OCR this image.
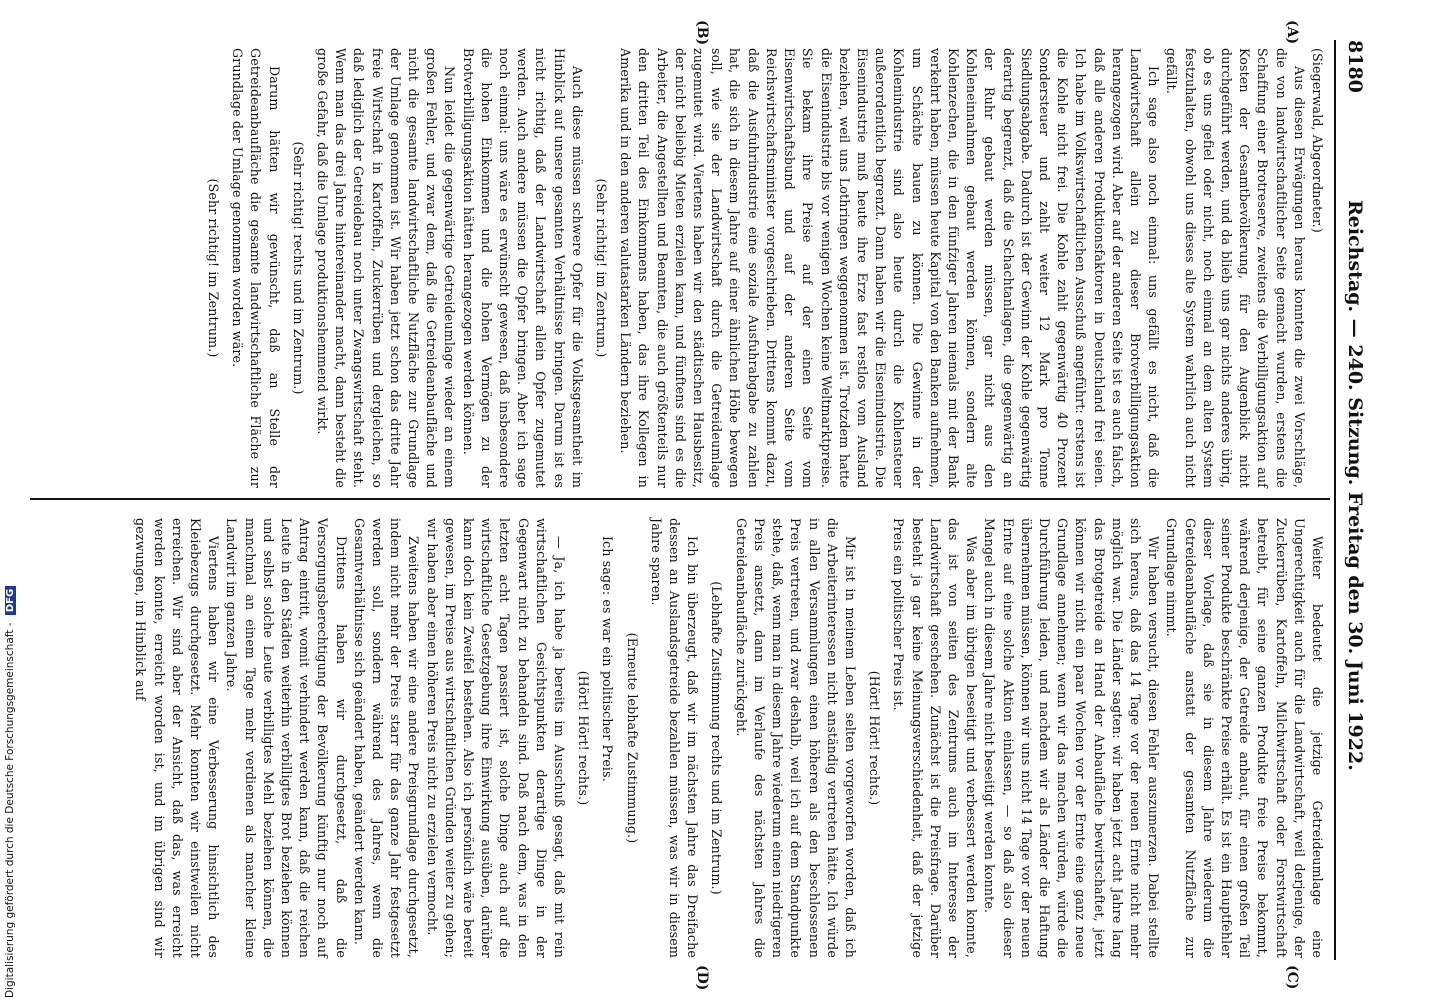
8180
Reichstag. — 240. Sitzung. Freitag den 30. Juni 1922.
(A)
(B)
(C)
(D)

(Siegerwald, Abgeordneter.)

Aus diesen Erwägungen heraus konnten die zwei Vorschläge, die von landwirtschaftlicher Seite gemacht wurden, erstens die Schaffung einer Brotreserve, zweitens die Verbilligungsaktion auf Kosten der Gesamtbevölkerung, für den Augenblick nicht durchgeführt werden, und da blieb uns gar nichts anderes übrig, ob es uns gefiel oder nicht, noch einmal an dem alten System festzuhalten, obwohl uns dieses alte System wahrlich auch nicht gefällt.

Ich sage also noch einmal: uns gefällt es nicht, daß die Landwirtschaft allein zu dieser Brotverbilligungsaktion herangezogen wird. Aber auf der anderen Seite ist es auch falsch, daß alle anderen Produktionsfaktoren in Deutschland frei seien. Ich habe im Volkswirtschaftlichen Ausschuß angeführt: erstens ist die Kohle nicht frei. Die Kohle zahlt gegenwärtig 40 Prozent Sondersteuer und zahlt weiter 12 Mark pro Tonne Siedlungsabgabe. Dadurch ist der Gewinn der Kohle gegenwärtig derartig begrenzt, daß die Schachtanlagen, die gegenwärtig an der Ruhr gebaut werden müssen, gar nicht aus den Kohleneinnahmen gebaut werden können, sondern alte Kohlenzechen, die in den fünfziger Jahren niemals mit der Bank verkehrt haben, müssen heute Kapital von den Banken aufnehmen, um Schächte bauen zu können. Die Gewinne in der Kohlenindustrie sind also heute durch die Kohlensteuer außerordentlich begrenzt. Dann haben wir die Eisenindustrie. Die Eisenindustrie muß heute ihre Erze fast restlos vom Ausland beziehen, weil uns Lothringen weggenommen ist. Trotzdem hatte die Eisenindustrie bis vor wenigen Wochen keine Weltmarktpreise. Sie bekam ihre Preise auf der einen Seite vom Eisenwirtschaftsbund und auf der anderen Seite vom Reichswirtschaftsminister vorgeschrieben. Drittens kommt dazu, daß die Ausfuhrindustrie eine soziale Ausfuhrabgabe zu zahlen hat, die sich in diesem Jahre auf einer ähnlichen Höhe bewegen soll, wie sie der Landwirtschaft durch die Getreideumlage zugemutet wird. Viertens haben wir den städtischen Hausbesitz, der nicht beliebig Mieten erzielen kann, und fünftens sind es die Arbeiter, die Angestellten und Beamten, die auch größtenteils nur den dritten Teil des Einkommens haben, das ihre Kollegen in Amerika und in den anderen valutastarken Ländern beziehen.

(Sehr richtig! im Zentrum.)

Auch diese müssen schwere Opfer für die Volksgesamtheit im Hinblick auf unsere gesamten Verhältnisse bringen. Darum ist es nicht richtig, daß der Landwirtschaft allein Opfer zugemutet werden. Auch andere müssen die Opfer bringen. Aber ich sage noch einmal: uns wäre es erwünscht gewesen, daß insbesondere die hohen Einkommen und die hohen Vermögen zu der Brotverbilligungsaktion hätten herangezogen werden können.

Nun leidet die gegenwärtige Getreideumlage wieder an einem großen Fehler, und zwar dem, daß die Getreideanbaufläche und nicht die gesamte landwirtschaftliche Nutzfläche zur Grundlage der Umlage genommen ist. Wir haben jetzt schon das dritte Jahr freie Wirtschaft in Kartoffeln, Zuckerrüben und dergleichen, so daß lediglich der Getreidebau noch unter Zwangswirtschaft steht. Wenn man das drei Jahre hintereinander macht, dann besteht die große Gefahr, daß die Umlage produktionshemmend wirkt.

(Sehr richtig! rechts und im Zentrum.)

Darum hätten wir gewünscht, daß an Stelle der Getreideanbaufläche die gesamte landwirtschaftliche Fläche zur Grundlage der Umlage genommen worden wäre.

(Sehr richtig! im Zentrum.)

Weiter bedeutet die jetzige Getreideumlage eine Ungerechtigkeit auch für die Landwirtschaft, weil derjenige, der Zuckerrüben, Kartoffeln, Milchwirtschaft oder Forstwirtschaft betreibt, für seine ganzen Produkte freie Preise bekommt, während derjenige, der Getreide anbaut, für einen großen Teil seiner Produkte beschränkte Preise erhält. Es ist ein Hauptfehler dieser Vorlage, daß sie in diesem Jahre wiederum die Getreideanbaufläche anstatt der gesamten Nutzfläche zur Grundlage nimmt.

Wir haben versucht, diesen Fehler auszumerzen. Dabei stellte sich heraus, daß das 14 Tage vor der neuen Ernte nicht mehr möglich war. Die Länder sagten: wir haben jetzt acht Jahre lang das Brotgetreide an Hand der Anbaufläche bewirtschaftet, jetzt können wir nicht ein paar Wochen vor der Ernte eine ganz neue Grundlage annehmen; wenn wir das machen würden, würde die Durchführung leiden, und nachdem wir als Länder die Haftung übernehmen müssen, können wir uns nicht 14 Tage vor der neuen Ernte auf eine solche Aktion einlassen, — so daß also dieser Mangel auch in diesem Jahre nicht beseitigt werden konnte.

Was aber im übrigen beseitigt und verbessert werden konnte, das ist von seiten des Zentrums auch im Interesse der Landwirtschaft geschehen. Zunächst ist die Preisfrage. Darüber besteht ja gar keine Meinungsverschiedenheit, daß der jetzige Preis ein politischer Preis ist.

(Hört! Hört! rechts.)

Mir ist in meinem Leben selten vorgeworfen worden, daß ich die Arbeiterinteressen nicht anständig vertreten hätte. Ich würde in allen Versammlungen einen höheren als den beschlossenen Preis vertreten, und zwar deshalb, weil ich auf dem Standpunkte stehe, daß, wenn man in diesem Jahre wiederum einen niedrigeren Preis ansetzt, dann im Verlaufe des nächsten Jahres die Getreideanbaufläche zurückgeht.

(Lebhafte Zustimmung rechts und im Zentrum.)

Ich bin überzeugt, daß wir im nächsten Jahre das Dreifache dessen an Auslandsgetreide bezahlen müssen, was wir in diesem Jahre sparen.

(Erneute lebhafte Zustimmung.)

Ich sage: es war ein politischer Preis.

(Hört! Hört! rechts.)

— Ja, ich habe ja bereits im Ausschuß gesagt, daß mit rein wirtschaftlichen Gesichtspunkten derartige Dinge in der Gegenwart nicht zu behandeln sind. Daß nach dem, was in den letzten acht Tagen passiert ist, solche Dinge auch auf die wirtschaftliche Gesetzgebung ihre Einwirkung ausüben, darüber kann doch kein Zweifel bestehen. Also ich persönlich wäre bereit gewesen, im Preise aus wirtschaftlichen Gründen weiter zu gehen; wir haben aber einen höheren Preis nicht zu erzielen vermocht.

Zweitens haben wir eine andere Preisgrundlage durchgesetzt, indem nicht mehr der Preis starr für das ganze Jahr festgesetzt werden soll, sondern während des Jahres, wenn die Gesamtverhältnisse sich geändert haben, geändert werden kann.

Drittens haben wir durchgesetzt, daß die Versorgungsberechtigung der Bevölkerung künftig nur noch auf Antrag eintritt, womit verhindert werden kann, daß die reichen Leute in den Städten weiterhin verbilligtes Brot beziehen können und selbst solche Leute verbilligtes Mehl beziehen können, die manchmal an einem Tage mehr verdienen als mancher kleine Landwirt im ganzen Jahre.

Viertens haben wir eine Verbesserung hinsichtlich des Kleiebezugs durchgesetzt. Mehr konnten wir einstweilen nicht erreichen. Wir sind aber der Ansicht, daß das, was erreicht werden konnte, erreicht worden ist, und im übrigen sind wir gezwungen, im Hinblick auf

Digitalisierung gefördert durch die Deutsche Forschungsgemeinschaft - DFG
